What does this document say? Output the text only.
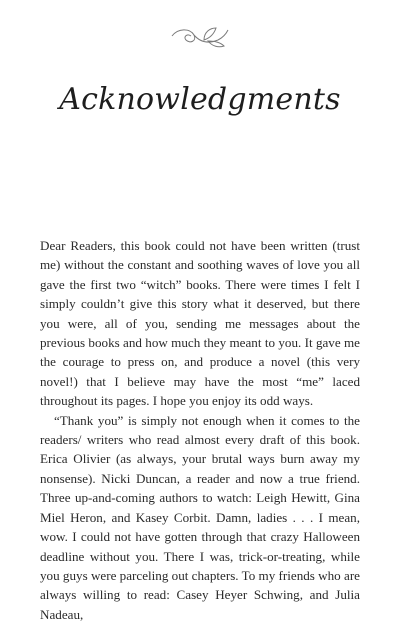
Acknowledgments

Dear Readers, this book could not have been written (trust me) without the constant and soothing waves of love you all gave the first two “witch” books. There were times I felt I simply couldn’t give this story what it deserved, but there you were, all of you, sending me messages about the previous books and how much they meant to you. It gave me the courage to press on, and produce a novel (this very novel!) that I believe may have the most “me” laced throughout its pages. I hope you enjoy its odd ways.

“Thank you” is simply not enough when it comes to the readers/ writers who read almost every draft of this book. Erica Olivier (as always, your brutal ways burn away my nonsense). Nicki Duncan, a reader and now a true friend. Three up-and-coming authors to watch: Leigh Hewitt, Gina Miel Heron, and Kasey Corbit. Damn, ladies . . . I mean, wow. I could not have gotten through that crazy Halloween deadline without you. There I was, trick-or-treating, while you guys were parceling out chapters. To my friends who are always willing to read: Casey Heyer Schwing, and Julia Nadeau,
